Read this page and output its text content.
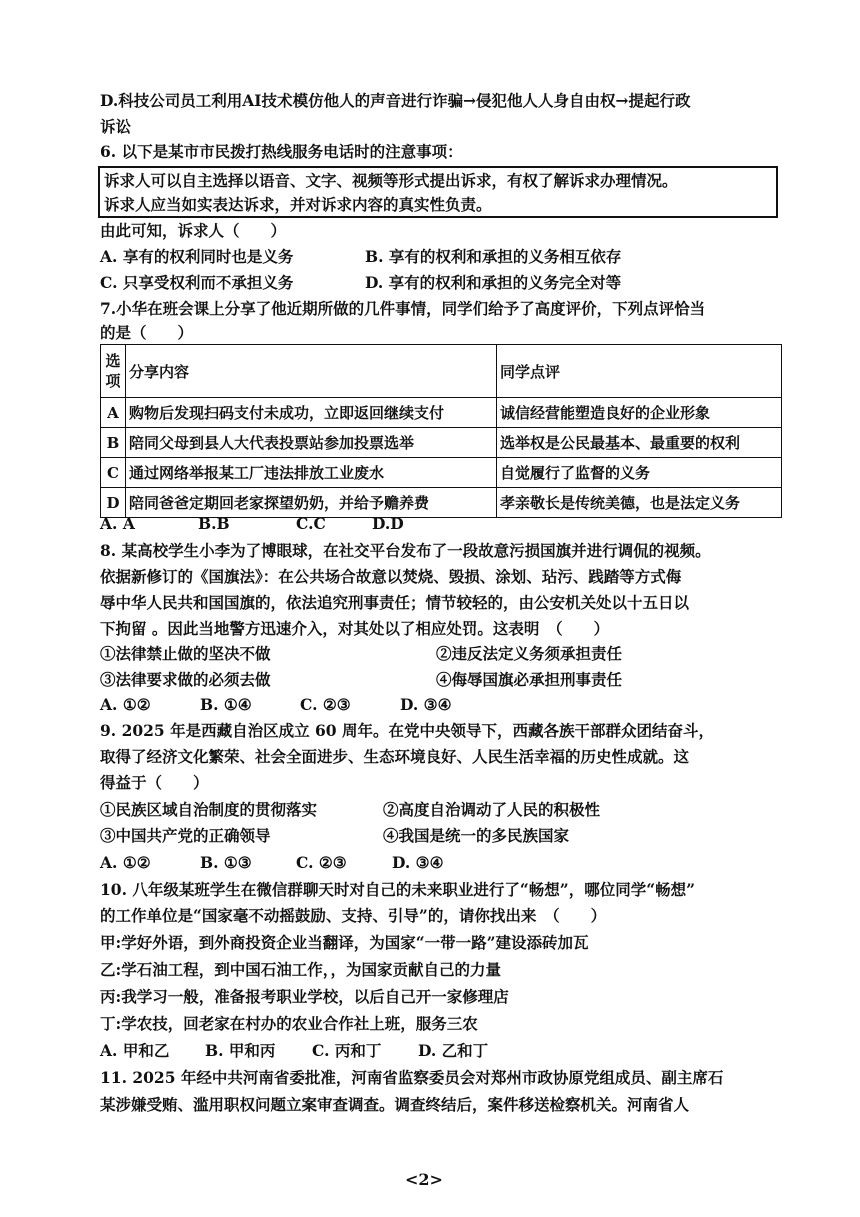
D.科技公司员工利用AI技术模仿他人的声音进行诈骗→侵犯他人人身自由权→提起行政
诉讼
6. 以下是某市市民拨打热线服务电话时的注意事项：
诉求人可以自主选择以语音、文字、视频等形式提出诉求，有权了解诉求办理情况。
诉求人应当如实表达诉求，并对诉求内容的真实性负责。
由此可知，诉求人（　　）
A. 享有的权利同时也是义务	B. 享有的权利和承担的义务相互依存
C. 只享受权利而不承担义务	D. 享有的权利和承担的义务完全对等
7.小华在班会课上分享了他近期所做的几件事情，同学们给予了高度评价，下列点评恰当
的是（　　）
选项	分享内容	同学点评
A	购物后发现扫码支付未成功，立即返回继续支付	诚信经营能塑造良好的企业形象
B	陪同父母到县人大代表投票站参加投票选举	选举权是公民最基本、最重要的权利
C	通过网络举报某工厂违法排放工业废水	自觉履行了监督的义务
D	陪同爸爸定期回老家探望奶奶，并给予赡养费	孝亲敬长是传统美德，也是法定义务
A. A	B.B	C.C	D.D
8. 某高校学生小李为了博眼球，在社交平台发布了一段故意污损国旗并进行调侃的视频。
依据新修订的《国旗法》：在公共场合故意以焚烧、毁损、涂划、玷污、践踏等方式侮
辱中华人民共和国国旗的，依法追究刑事责任；情节较轻的，由公安机关处以十五日以
下拘留 。因此当地警方迅速介入，对其处以了相应处罚。这表明　（　　）
①法律禁止做的坚决不做	②违反法定义务须承担责任
③法律要求做的必须去做	④侮辱国旗必承担刑事责任
A. ①②	B. ①④	C. ②③	D. ③④
9. 2025 年是西藏自治区成立 60 周年。在党中央领导下，西藏各族干部群众团结奋斗，
取得了经济文化繁荣、社会全面进步、生态环境良好、人民生活幸福的历史性成就。这
得益于（　　）
①民族区域自治制度的贯彻落实	②高度自治调动了人民的积极性
③中国共产党的正确领导	④我国是统一的多民族国家
A. ①②	B. ①③	C. ②③	D. ③④
10. 八年级某班学生在微信群聊天时对自己的未来职业进行了“畅想”，哪位同学“畅想”
的工作单位是“国家毫不动摇鼓励、支持、引导”的，请你找出来　（　　）
甲:学好外语，到外商投资企业当翻译，为国家“一带一路”建设添砖加瓦
乙:学石油工程，到中国石油工作，，为国家贡献自己的力量
丙:我学习一般，准备报考职业学校，以后自己开一家修理店
丁:学农技，回老家在村办的农业合作社上班，服务三农
A. 甲和乙 B. 甲和丙 C. 丙和丁 D. 乙和丁
11. 2025 年经中共河南省委批准，河南省监察委员会对郑州市政协原党组成员、副主席石
某涉嫌受贿、滥用职权问题立案审查调查。调查终结后，案件移送检察机关。河南省人
<2>
